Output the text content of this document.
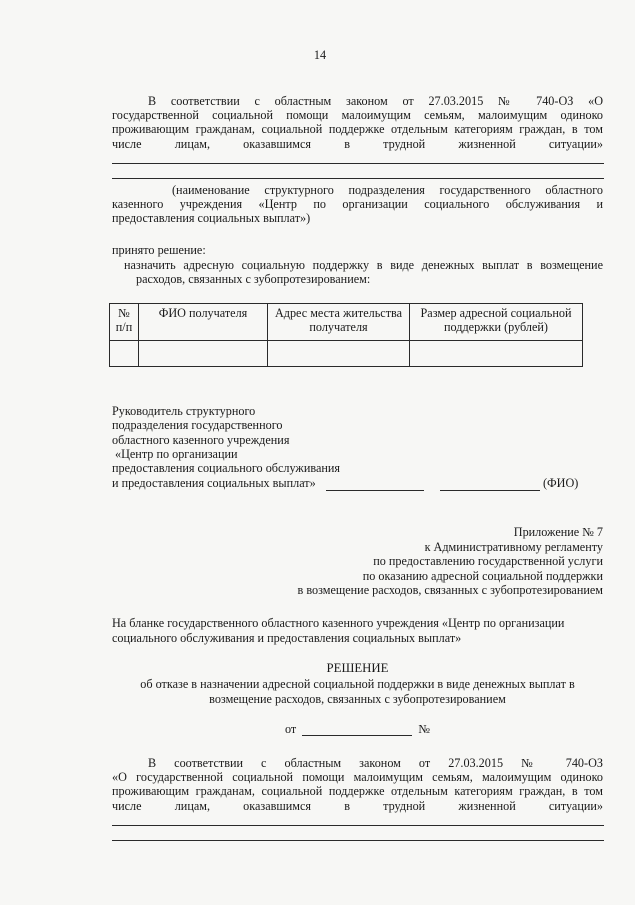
14
В соответствии с областным законом от 27.03.2015 № 740-ОЗ «О
государственной социальной помощи малоимущим семьям, малоимущим одиноко
проживающим гражданам, социальной поддержке отдельным категориям граждан, в том
числе лицам, оказавшимся в трудной жизненной ситуации»
(наименование структурного подразделения государственного областного
казенного учреждения «Центр по организации социального обслуживания и
предоставления социальных выплат»)
принято решение:
назначить адресную социальную поддержку в виде денежных выплат в возмещение
расходов, связанных с зубопротезированием:
№ п/п	ФИО получателя	Адрес места жительства получателя	Размер адресной социальной поддержки (рублей)

Руководитель структурного
подразделения государственного
областного казенного учреждения
«Центр по организации
предоставления социального обслуживания
и предоставления социальных выплат»	(ФИО)
Приложение № 7
к Административному регламенту
по предоставлению государственной услуги
по оказанию адресной социальной поддержки
в возмещение расходов, связанных с зубопротезированием
На бланке государственного областного казенного учреждения «Центр по организации
социального обслуживания и предоставления социальных выплат»
РЕШЕНИЕ
об отказе в назначении адресной социальной поддержки в виде денежных выплат в
возмещение расходов, связанных с зубопротезированием
от	№
В соответствии с областным законом от 27.03.2015 № 740-ОЗ
«О государственной социальной помощи малоимущим семьям, малоимущим одиноко
проживающим гражданам, социальной поддержке отдельным категориям граждан, в том
числе лицам, оказавшимся в трудной жизненной ситуации»
